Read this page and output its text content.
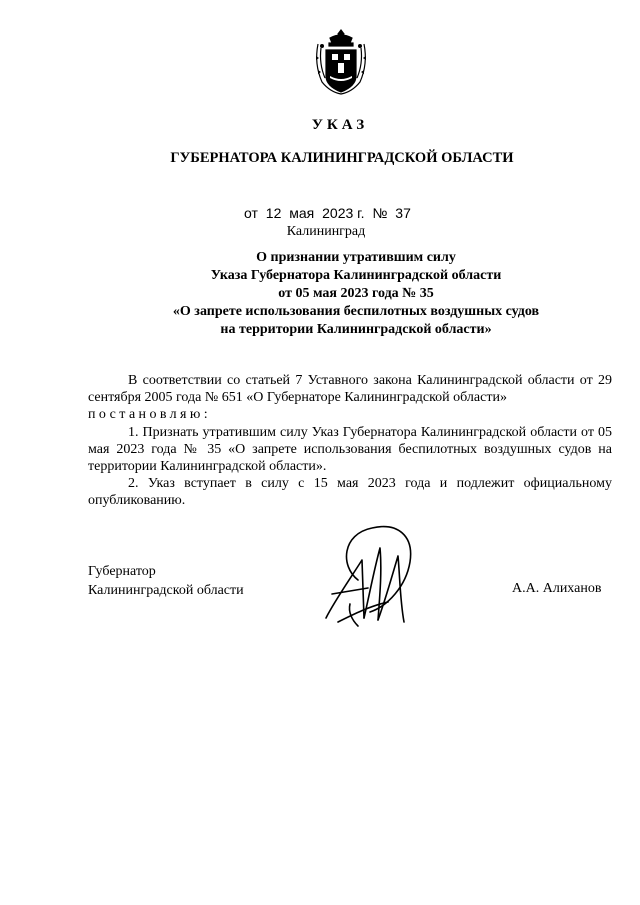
УКАЗ
ГУБЕРНАТОРА КАЛИНИНГРАДСКОЙ ОБЛАСТИ
от 12 мая 2023 г. № 37
Калининград
О признании утратившим силу
Указа Губернатора Калининградской области
от 05 мая 2023 года № 35
«О запрете использования беспилотных воздушных судов
на территории Калининградской области»

В соответствии со статьей 7 Уставного закона Калининградской области от 29 сентября 2005 года № 651 «О Губернаторе Калининградской области»

постановляю:

1. Признать утратившим силу Указ Губернатора Калининградской области от 05 мая 2023 года № 35 «О запрете использования беспилотных воздушных судов на территории Калининградской области».

2. Указ вступает в силу с 15 мая 2023 года и подлежит официальному опубликованию.

Губернатор
Калининградской области	А.А. Алиханов
